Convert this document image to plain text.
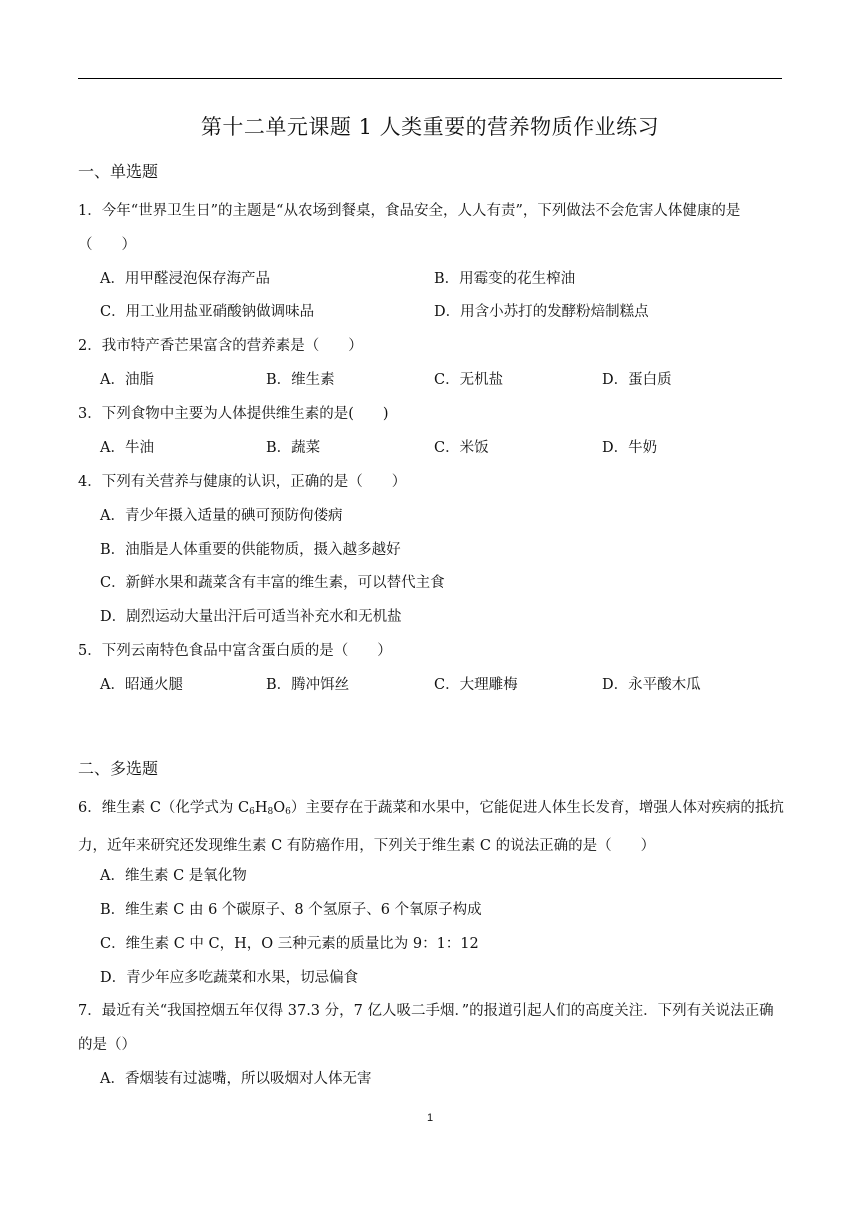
第十二单元课题 1 人类重要的营养物质作业练习
一、单选题
1．今年“世界卫生日”的主题是“从农场到餐桌，食品安全，人人有责”，下列做法不会危害人体健康的是（　　）
A．用甲醛浸泡保存海产品	B．用霉变的花生榨油
C．用工业用盐亚硝酸钠做调味品	D．用含小苏打的发酵粉焙制糕点
2．我市特产香芒果富含的营养素是（　　）
A．油脂	B．维生素	C．无机盐	D．蛋白质
3．下列食物中主要为人体提供维生素的是(　　)
A．牛油	B．蔬菜	C．米饭	D．牛奶
4．下列有关营养与健康的认识，正确的是（　　）
A．青少年摄入适量的碘可预防佝偻病
B．油脂是人体重要的供能物质，摄入越多越好
C．新鲜水果和蔬菜含有丰富的维生素，可以替代主食
D．剧烈运动大量出汗后可适当补充水和无机盐
5．下列云南特色食品中富含蛋白质的是（　　）
A．昭通火腿	B．腾冲饵丝	C．大理雕梅	D．永平酸木瓜
二、多选题
6．维生素 C（化学式为 $C_6H_8O_6$）主要存在于蔬菜和水果中，它能促进人体生长发育，增强人体对疾病的抵抗力，近年来研究还发现维生素 C 有防癌作用，下列关于维生素 C 的说法正确的是（　　）
A．维生素 C 是氧化物
B．维生素 C 由 6 个碳原子、8 个氢原子、6 个氧原子构成
C．维生素 C 中 C，H，O 三种元素的质量比为 9：1：12
D．青少年应多吃蔬菜和水果，切忌偏食
7．最近有关“我国控烟五年仅得 37.3 分，7 亿人吸二手烟．”的报道引起人们的高度关注．下列有关说法正确的是（）
A．香烟装有过滤嘴，所以吸烟对人体无害
1
